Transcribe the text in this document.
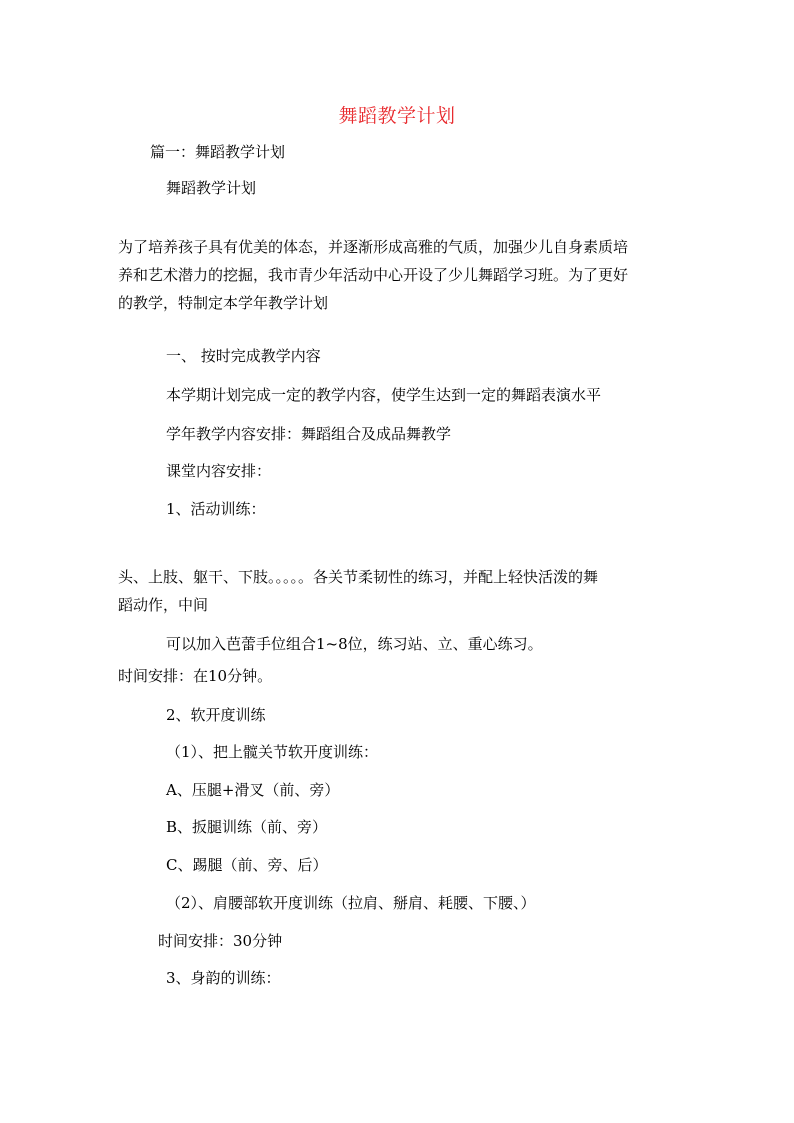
舞蹈教学计划
篇一：舞蹈教学计划
舞蹈教学计划
为了培养孩子具有优美的体态，并逐渐形成高雅的气质，加强少儿自身素质培
养和艺术潜力的挖掘，我市青少年活动中心开设了少儿舞蹈学习班。为了更好
的教学，特制定本学年教学计划
一、 按时完成教学内容
本学期计划完成一定的教学内容，使学生达到一定的舞蹈表演水平
学年教学内容安排：舞蹈组合及成品舞教学
课堂内容安排：
1、活动训练：
头、上肢、躯干、下肢。。。。。各关节柔韧性的练习，并配上轻快活泼的舞
蹈动作，中间
可以加入芭蕾手位组合1~8位，练习站、立、重心练习。
时间安排：在10分钟。
2、软开度训练
（1）、把上髋关节软开度训练：
A、压腿+滑叉（前、旁）
B、扳腿训练（前、旁）
C、踢腿（前、旁、后）
（2）、肩腰部软开度训练（拉肩、掰肩、耗腰、下腰、）
时间安排：30分钟
3、身韵的训练：
